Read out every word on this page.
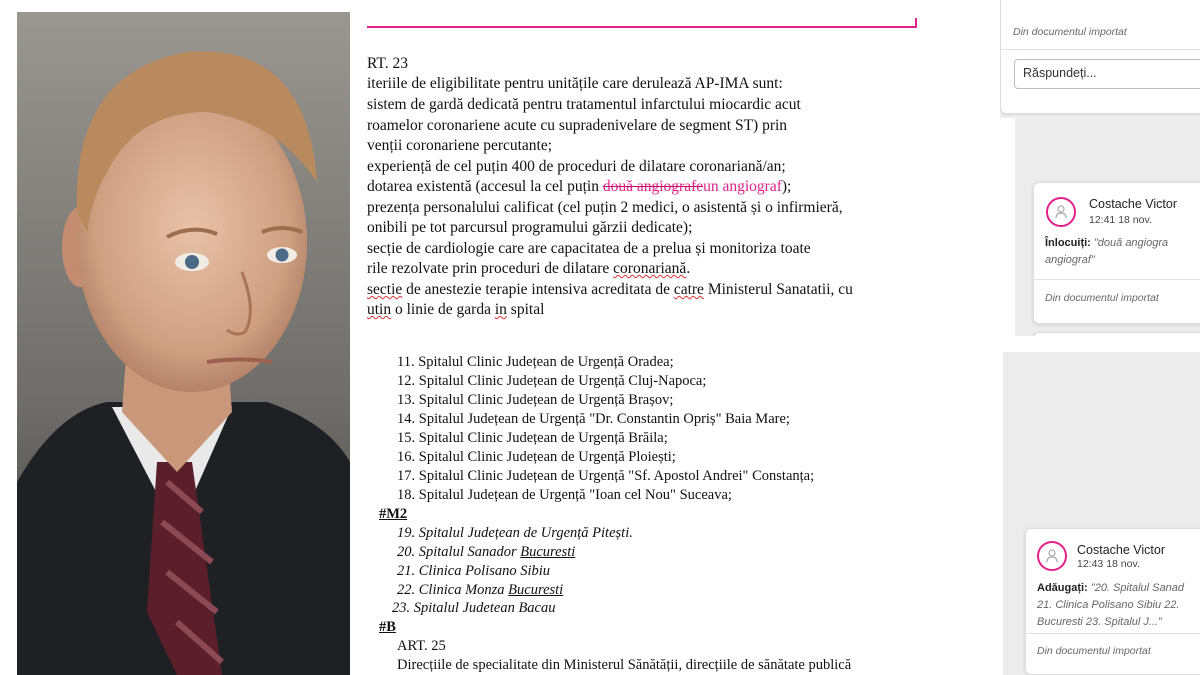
RT. 23
iteriile de eligibilitate pentru unitățile care derulează AP-IMA sunt:
sistem de gardă dedicată pentru tratamentul infarctului miocardic acut
roamelor coronariene acute cu supradenivelare de segment ST) prin
venții coronariene percutante;
experiență de cel puțin 400 de proceduri de dilatare coronariană/an;
dotarea existentă (accesul la cel puțin două angiografeun angiograf);
prezența personalului calificat (cel puțin 2 medici, o asistentă și o infirmieră,
onibili pe tot parcursul programului gărzii dedicate);
secție de cardiologie care are capacitatea de a prelua și monitoriza toate
rile rezolvate prin proceduri de dilatare coronariană.
sectie de anestezie terapie intensiva acreditata de catre Ministerul Sanatatii, cu
utin o linie de garda in spital
11. Spitalul Clinic Județean de Urgență Oradea;
12. Spitalul Clinic Județean de Urgență Cluj-Napoca;
13. Spitalul Clinic Județean de Urgență Brașov;
14. Spitalul Județean de Urgență "Dr. Constantin Opriș" Baia Mare;
15. Spitalul Clinic Județean de Urgență Brăila;
16. Spitalul Clinic Județean de Urgență Ploiești;
17. Spitalul Clinic Județean de Urgență "Sf. Apostol Andrei" Constanța;
18. Spitalul Județean de Urgență "Ioan cel Nou" Suceava;
#M2
19. Spitalul Județean de Urgență Pitești.
20. Spitalul Sanador Bucuresti
21. Clinica Polisano Sibiu
22. Clinica Monza Bucuresti
23. Spitalul Judetean Bacau
#B
ART. 25
Direcțiile de specialitate din Ministerul Sănătății, direcțiile de sănătate publică
Din documentul importat
Răspundeți...
Costache Victor
12:41 18 nov.
Înlocuiți: "două angiogra
angiograf"
Din documentul importat
Costache Victor
12:43 18 nov.
Adăugați: "20. Spitalul Sanad
21. Clinica Polisano Sibiu 22.
Bucuresti 23. Spitalul J..."
Din documentul importat
